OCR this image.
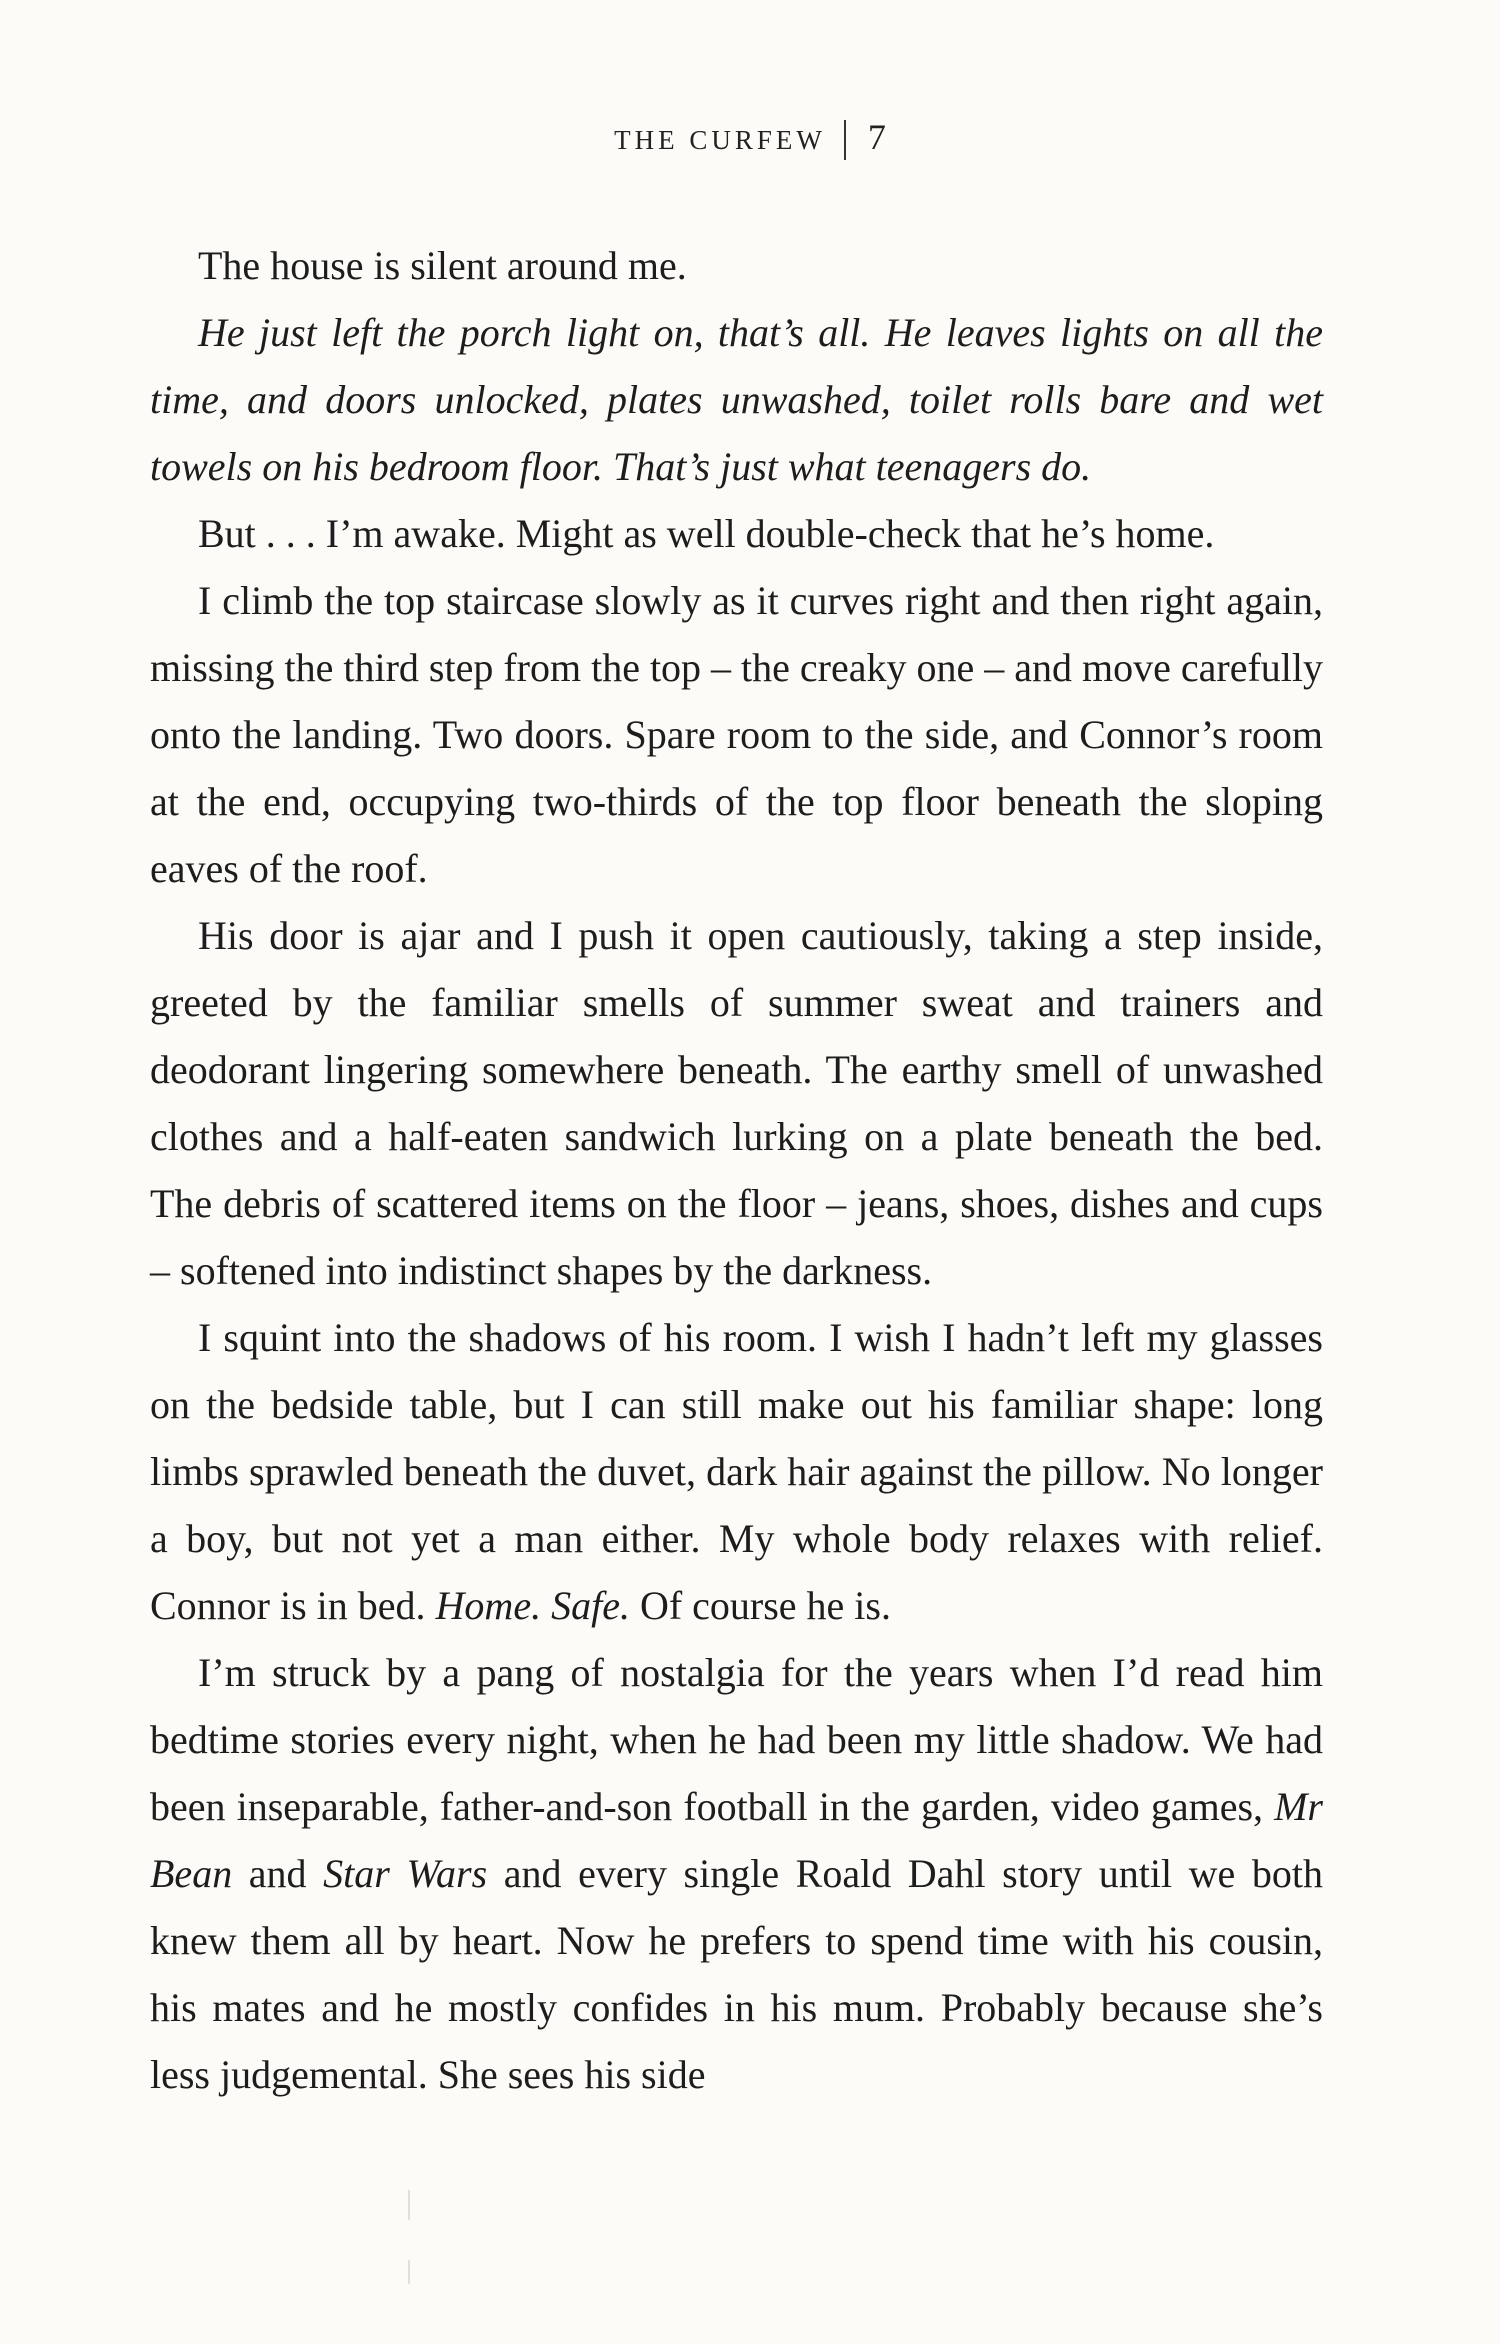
THE CURFEW 7

The house is silent around me.

He just left the porch light on, that’s all. He leaves lights on all the time, and doors unlocked, plates unwashed, toilet rolls bare and wet towels on his bedroom floor. That’s just what teenagers do.

But . . . I’m awake. Might as well double-check that he’s home.

I climb the top staircase slowly as it curves right and then right again, missing the third step from the top – the creaky one – and move carefully onto the landing. Two doors. Spare room to the side, and Connor’s room at the end, occupying two-thirds of the top floor beneath the sloping eaves of the roof.

His door is ajar and I push it open cautiously, taking a step inside, greeted by the familiar smells of summer sweat and trainers and deodorant lingering somewhere beneath. The earthy smell of unwashed clothes and a half-eaten sandwich lurking on a plate beneath the bed. The debris of scattered items on the floor – jeans, shoes, dishes and cups – softened into indistinct shapes by the darkness.

I squint into the shadows of his room. I wish I hadn’t left my glasses on the bedside table, but I can still make out his familiar shape: long limbs sprawled beneath the duvet, dark hair against the pillow. No longer a boy, but not yet a man either. My whole body relaxes with relief. Connor is in bed. Home. Safe. Of course he is.

I’m struck by a pang of nostalgia for the years when I’d read him bedtime stories every night, when he had been my little shadow. We had been inseparable, father-and-son football in the garden, video games, Mr Bean and Star Wars and every single Roald Dahl story until we both knew them all by heart. Now he prefers to spend time with his cousin, his mates and he mostly confides in his mum. Probably because she’s less judgemental. She sees his side
